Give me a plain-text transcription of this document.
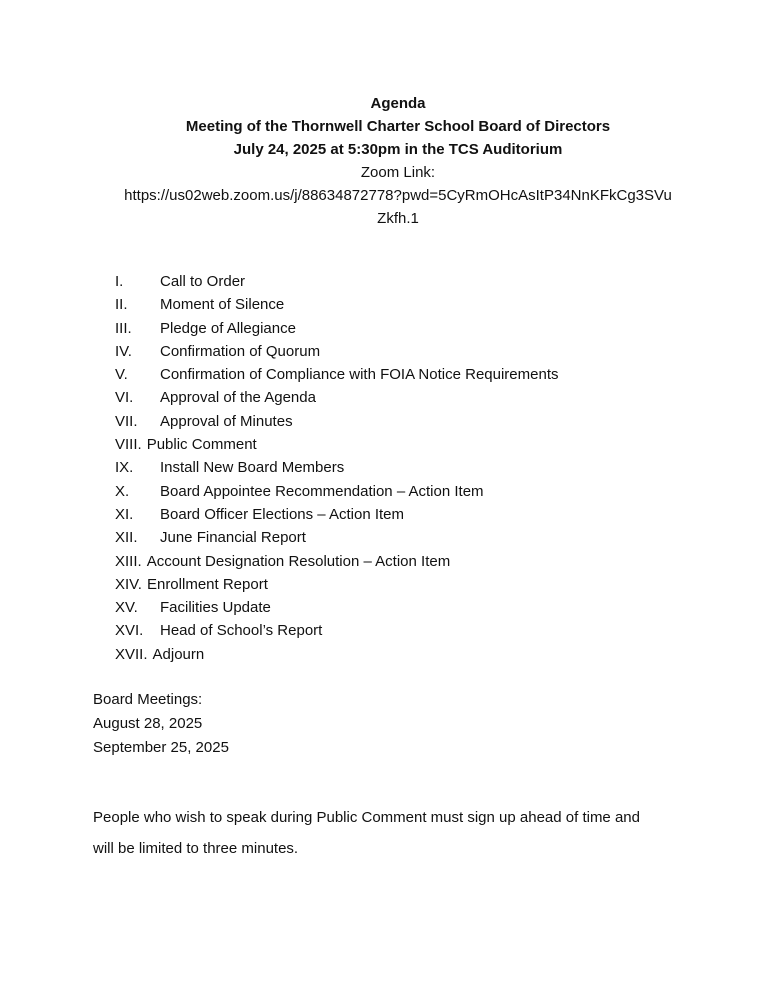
Agenda
Meeting of the Thornwell Charter School Board of Directors
July 24, 2025 at 5:30pm in the TCS Auditorium
Zoom Link:
https://us02web.zoom.us/j/88634872778?pwd=5CyRmOHcAsItP34NnKFkCg3SVu
Zkfh.1
I.	Call to Order
II.	Moment of Silence
III.	Pledge of Allegiance
IV.	Confirmation of Quorum
V.	Confirmation of Compliance with FOIA Notice Requirements
VI.	Approval of the Agenda
VII.	Approval of Minutes
VIII. Public Comment
IX.	Install New Board Members
X.	Board Appointee Recommendation – Action Item
XI.	Board Officer Elections – Action Item
XII.	June Financial Report
XIII. Account Designation Resolution – Action Item
XIV. Enrollment Report
XV.	Facilities Update
XVI.	Head of School’s Report
XVII. Adjourn
Board Meetings:
August 28, 2025
September 25, 2025
People who wish to speak during Public Comment must sign up ahead of time and
will be limited to three minutes.
